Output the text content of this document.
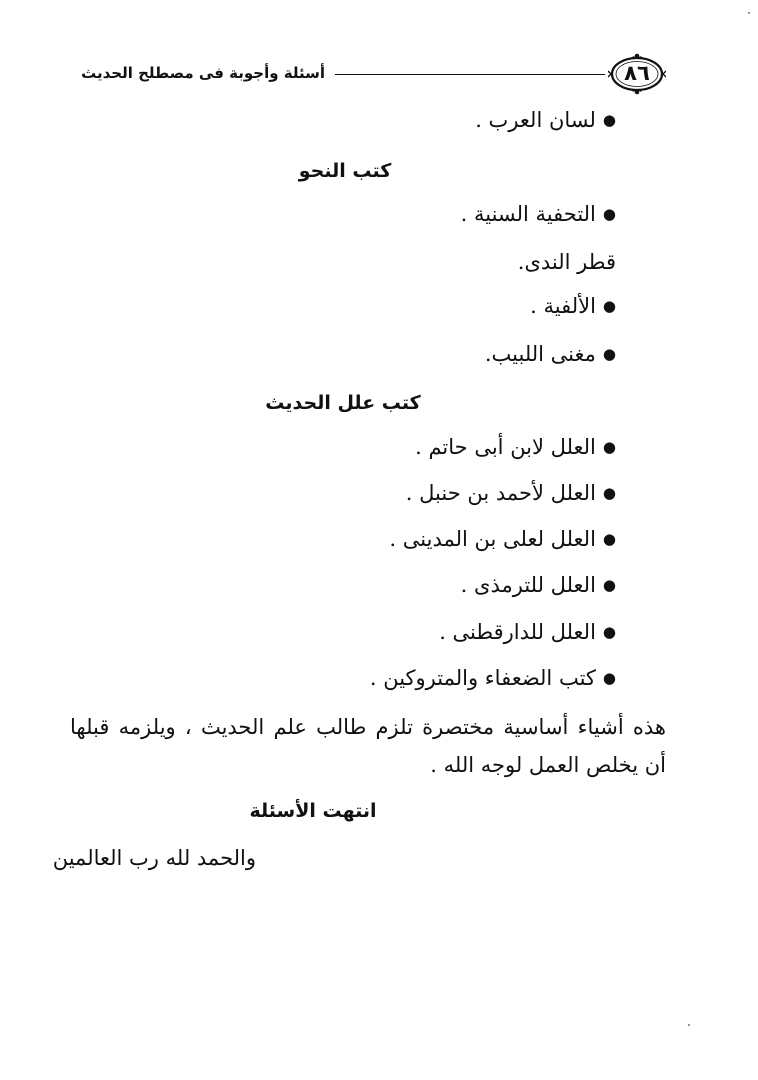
أسئلة وأجوبة فى مصطلح الحديث	٨٦
● لسان العرب .
كتب النحو
● التحفية السنية .
قطر الندى.
● الألفية .
● مغنى اللبيب.
كتب علل الحديث
● العلل لابن أبى حاتم .
● العلل لأحمد بن حنبل .
● العلل لعلى بن المدينى .
● العلل للترمذى .
● العلل للدارقطنى .
● كتب الضعفاء والمتروكين .
هذه أشياء أساسية مختصرة تلزم طالب علم الحديث ، ويلزمه قبلها أن يخلص العمل لوجه الله .
انتهت الأسئلة
والحمد لله رب العالمين
